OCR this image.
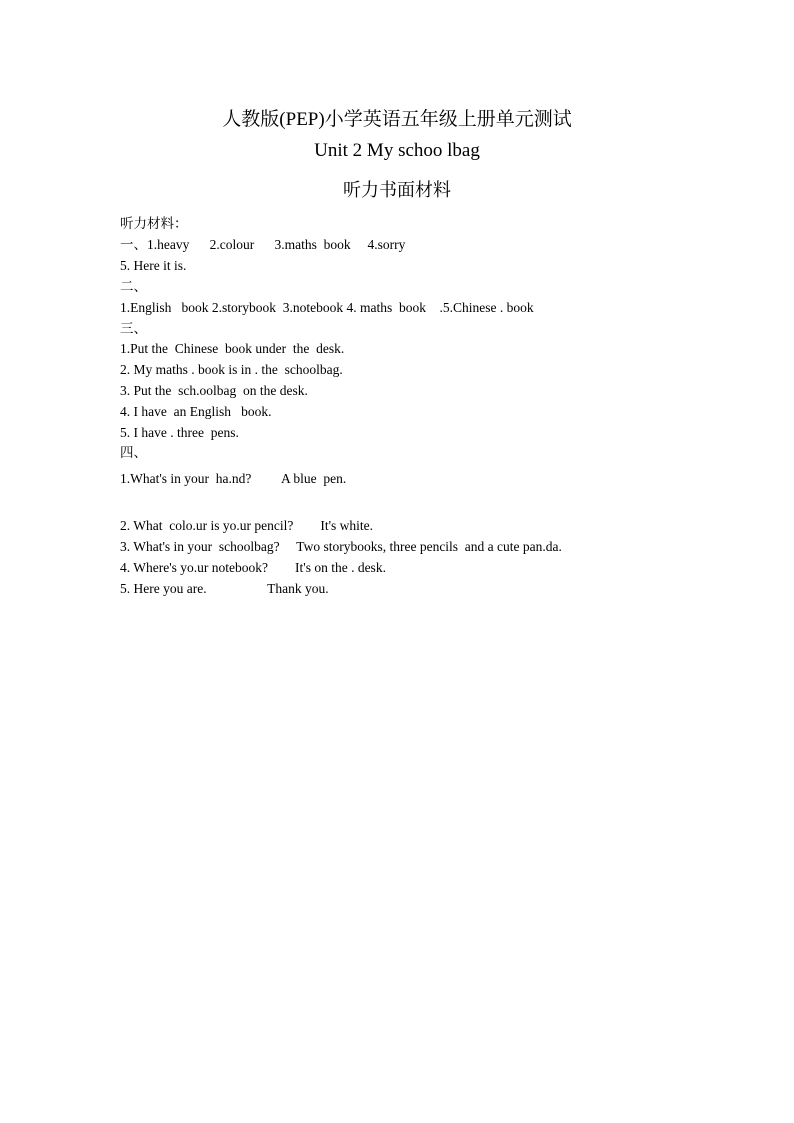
人教版(PEP)小学英语五年级上册单元测试
Unit 2 My schoo lbag
听力书面材料
听力材料：
一、1.heavy      2.colour      3.maths  book     4.sorry
5. Here it is.
二、
1.English   book 2.storybook  3.notebook 4. maths  book    .5.Chinese . book
三、
1.Put the  Chinese  book under  the  desk.
2. My maths . book is in . the  schoolbag.
3. Put the  sch.oolbag  on the desk.
4. I have  an English   book.
5. I have . three  pens.
四、
1.What's in your  ha.nd?         A blue  pen.
2. What  colo.ur is yo.ur pencil?        It's white.
3. What's in your  schoolbag?     Two storybooks, three pencils  and a cute pan.da.
4. Where's yo.ur notebook?        It's on the . desk.
5. Here you are.                  Thank you.
